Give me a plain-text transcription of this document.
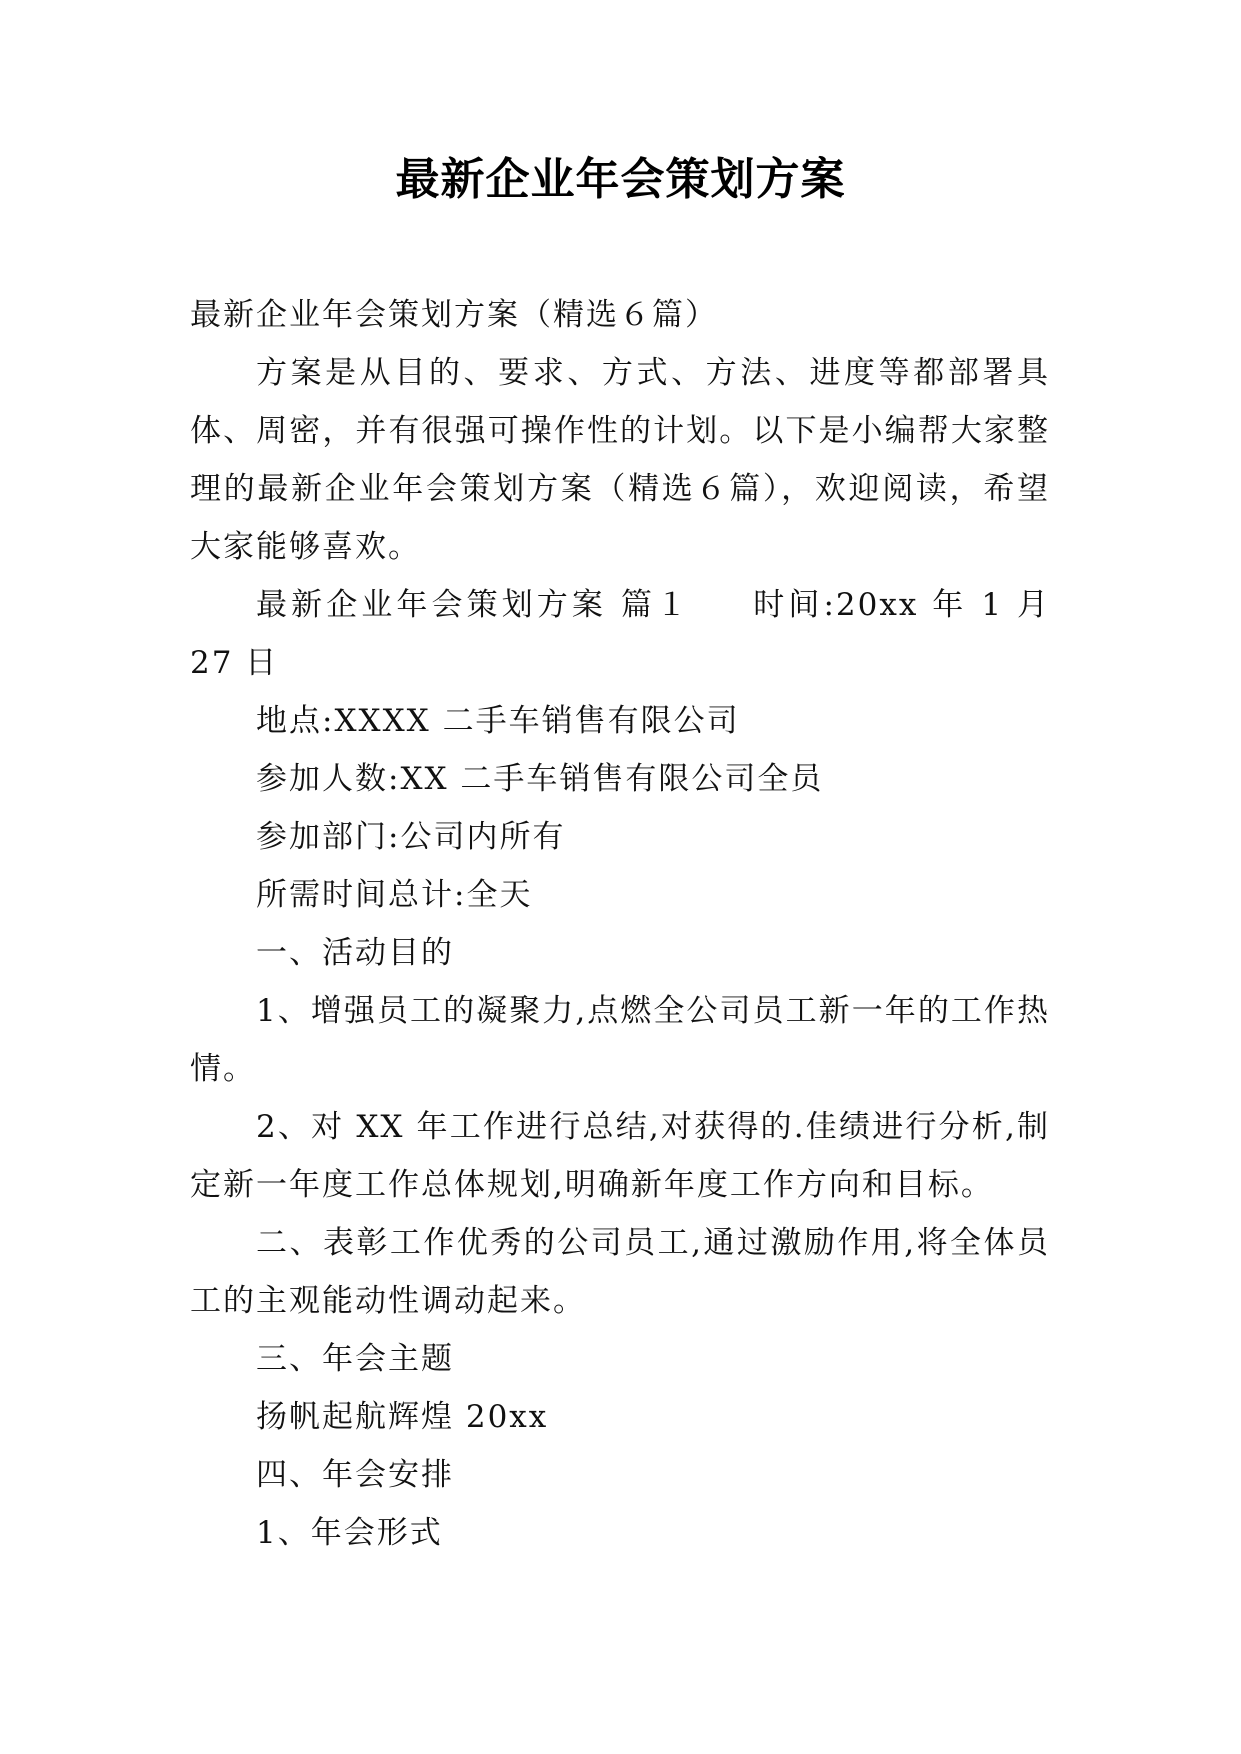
最新企业年会策划方案

最新企业年会策划方案（精选６篇）

方案是从目的、要求、方式、方法、进度等都部署具体、周密，并有很强可操作性的计划。以下是小编帮大家整理的最新企业年会策划方案（精选６篇），欢迎阅读，希望大家能够喜欢。

最新企业年会策划方案 篇１ 时间:20xx 年 1 月 27 日

地点:XXXX 二手车销售有限公司

参加人数:XX 二手车销售有限公司全员

参加部门:公司内所有

所需时间总计:全天

一、活动目的

1、增强员工的凝聚力,点燃全公司员工新一年的工作热情。

2、对 XX 年工作进行总结,对获得的.佳绩进行分析,制定新一年度工作总体规划,明确新年度工作方向和目标。

二、表彰工作优秀的公司员工,通过激励作用,将全体员工的主观能动性调动起来。

三、年会主题

扬帆起航辉煌 20xx

四、年会安排

1、年会形式
